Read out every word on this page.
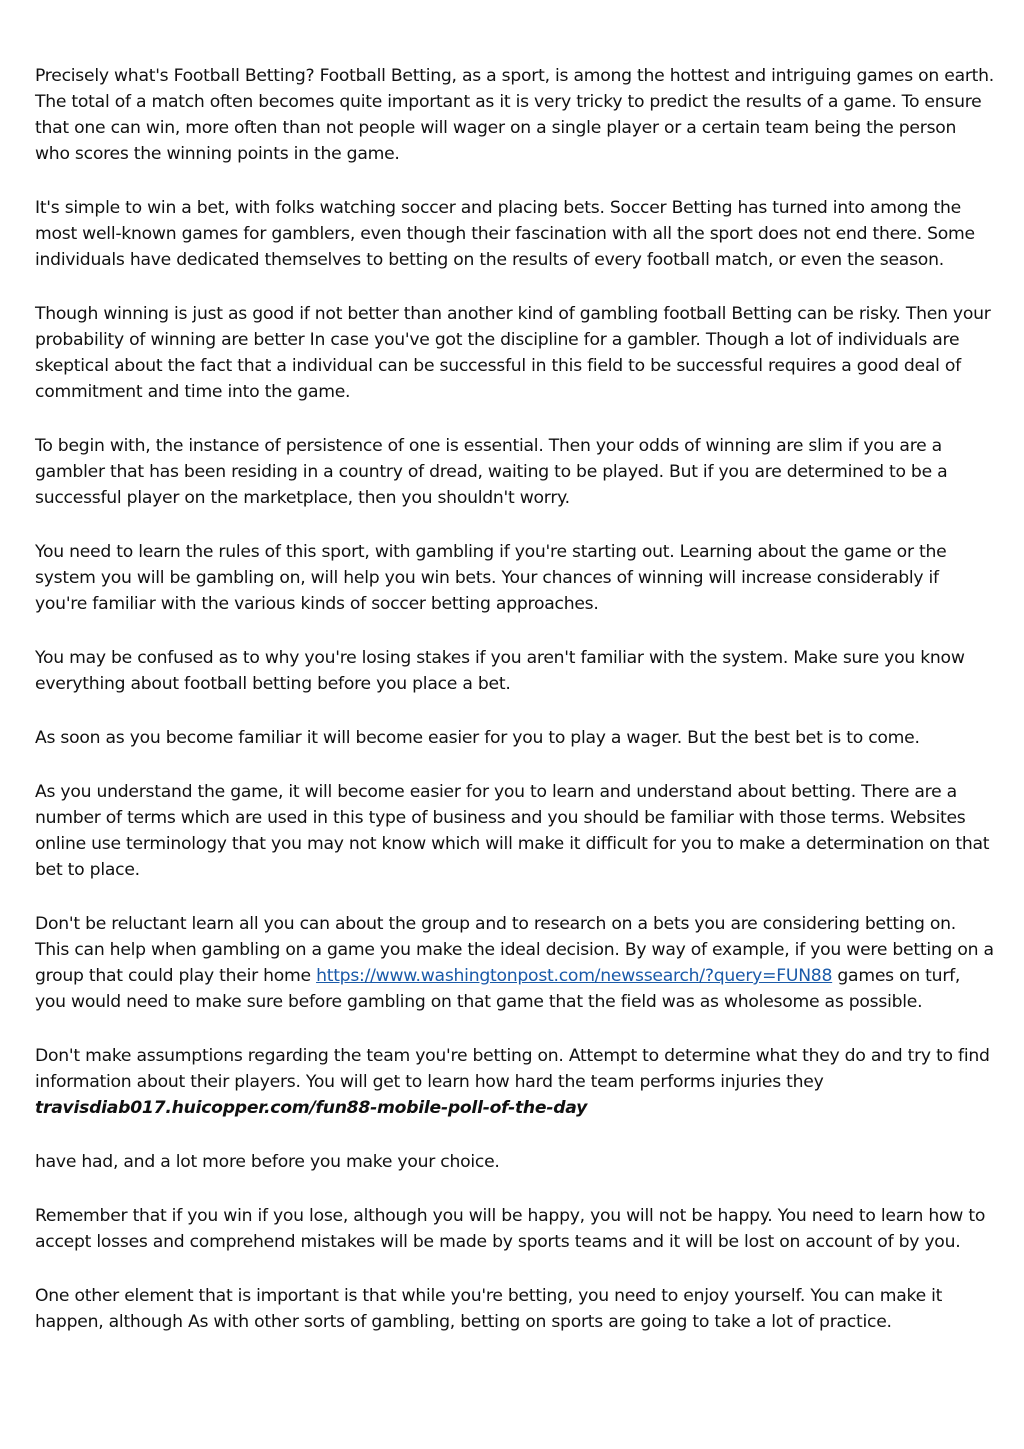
Precisely what's Football Betting? Football Betting, as a sport, is among the hottest and intriguing games on earth. The total of a match often becomes quite important as it is very tricky to predict the results of a game. To ensure that one can win, more often than not people will wager on a single player or a certain team being the person who scores the winning points in the game.

It's simple to win a bet, with folks watching soccer and placing bets. Soccer Betting has turned into among the most well-known games for gamblers, even though their fascination with all the sport does not end there. Some individuals have dedicated themselves to betting on the results of every football match, or even the season.

Though winning is just as good if not better than another kind of gambling football Betting can be risky. Then your probability of winning are better In case you've got the discipline for a gambler. Though a lot of individuals are skeptical about the fact that a individual can be successful in this field to be successful requires a good deal of commitment and time into the game.

To begin with, the instance of persistence of one is essential. Then your odds of winning are slim if you are a gambler that has been residing in a country of dread, waiting to be played. But if you are determined to be a successful player on the marketplace, then you shouldn't worry.

You need to learn the rules of this sport, with gambling if you're starting out. Learning about the game or the system you will be gambling on, will help you win bets. Your chances of winning will increase considerably if you're familiar with the various kinds of soccer betting approaches.

You may be confused as to why you're losing stakes if you aren't familiar with the system. Make sure you know everything about football betting before you place a bet.

As soon as you become familiar it will become easier for you to play a wager. But the best bet is to come.

As you understand the game, it will become easier for you to learn and understand about betting. There are a number of terms which are used in this type of business and you should be familiar with those terms. Websites online use terminology that you may not know which will make it difficult for you to make a determination on that bet to place.

Don't be reluctant learn all you can about the group and to research on a bets you are considering betting on. This can help when gambling on a game you make the ideal decision. By way of example, if you were betting on a group that could play their home https://www.washingtonpost.com/newssearch/?query=FUN88 games on turf, you would need to make sure before gambling on that game that the field was as wholesome as possible.

Don't make assumptions regarding the team you're betting on. Attempt to determine what they do and try to find information about their players. You will get to learn how hard the team performs injuries they
travisdiab017.huicopper.com/fun88-mobile-poll-of-the-day

have had, and a lot more before you make your choice.

Remember that if you win if you lose, although you will be happy, you will not be happy. You need to learn how to accept losses and comprehend mistakes will be made by sports teams and it will be lost on account of by you.

One other element that is important is that while you're betting, you need to enjoy yourself. You can make it happen, although As with other sorts of gambling, betting on sports are going to take a lot of practice.
